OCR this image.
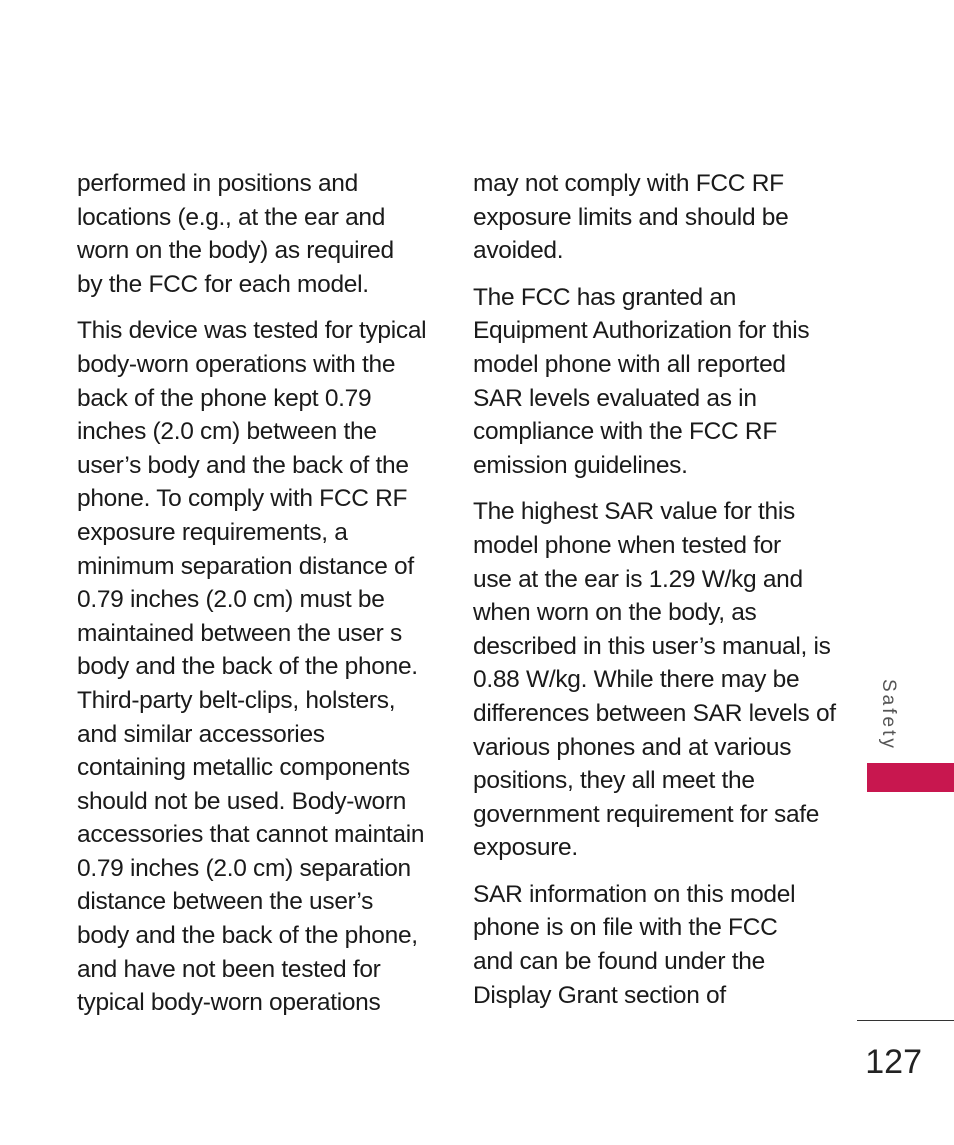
performed in positions and
locations (e.g., at the ear and
worn on the body) as required
by the FCC for each model.

This device was tested for typical
body-worn operations with the
back of the phone kept 0.79
inches (2.0 cm) between the
user’s body and the back of the
phone. To comply with FCC RF
exposure requirements, a
minimum separation distance of
0.79 inches (2.0 cm) must be
maintained between the user s
body and the back of the phone.
Third-party belt-clips, holsters,
and similar accessories
containing metallic components
should not be used. Body-worn
accessories that cannot maintain
0.79 inches (2.0 cm) separation
distance between the user’s
body and the back of the phone,
and have not been tested for
typical body-worn operations

may not comply with FCC RF
exposure limits and should be
avoided.

The FCC has granted an
Equipment Authorization for this
model phone with all reported
SAR levels evaluated as in
compliance with the FCC RF
emission guidelines.

The highest SAR value for this
model phone when tested for
use at the ear is 1.29 W/kg and
when worn on the body, as
described in this user’s manual, is
0.88 W/kg. While there may be
differences between SAR levels of
various phones and at various
positions, they all meet the
government requirement for safe
exposure.

SAR information on this model
phone is on file with the FCC
and can be found under the
Display Grant section of

Safety
127
